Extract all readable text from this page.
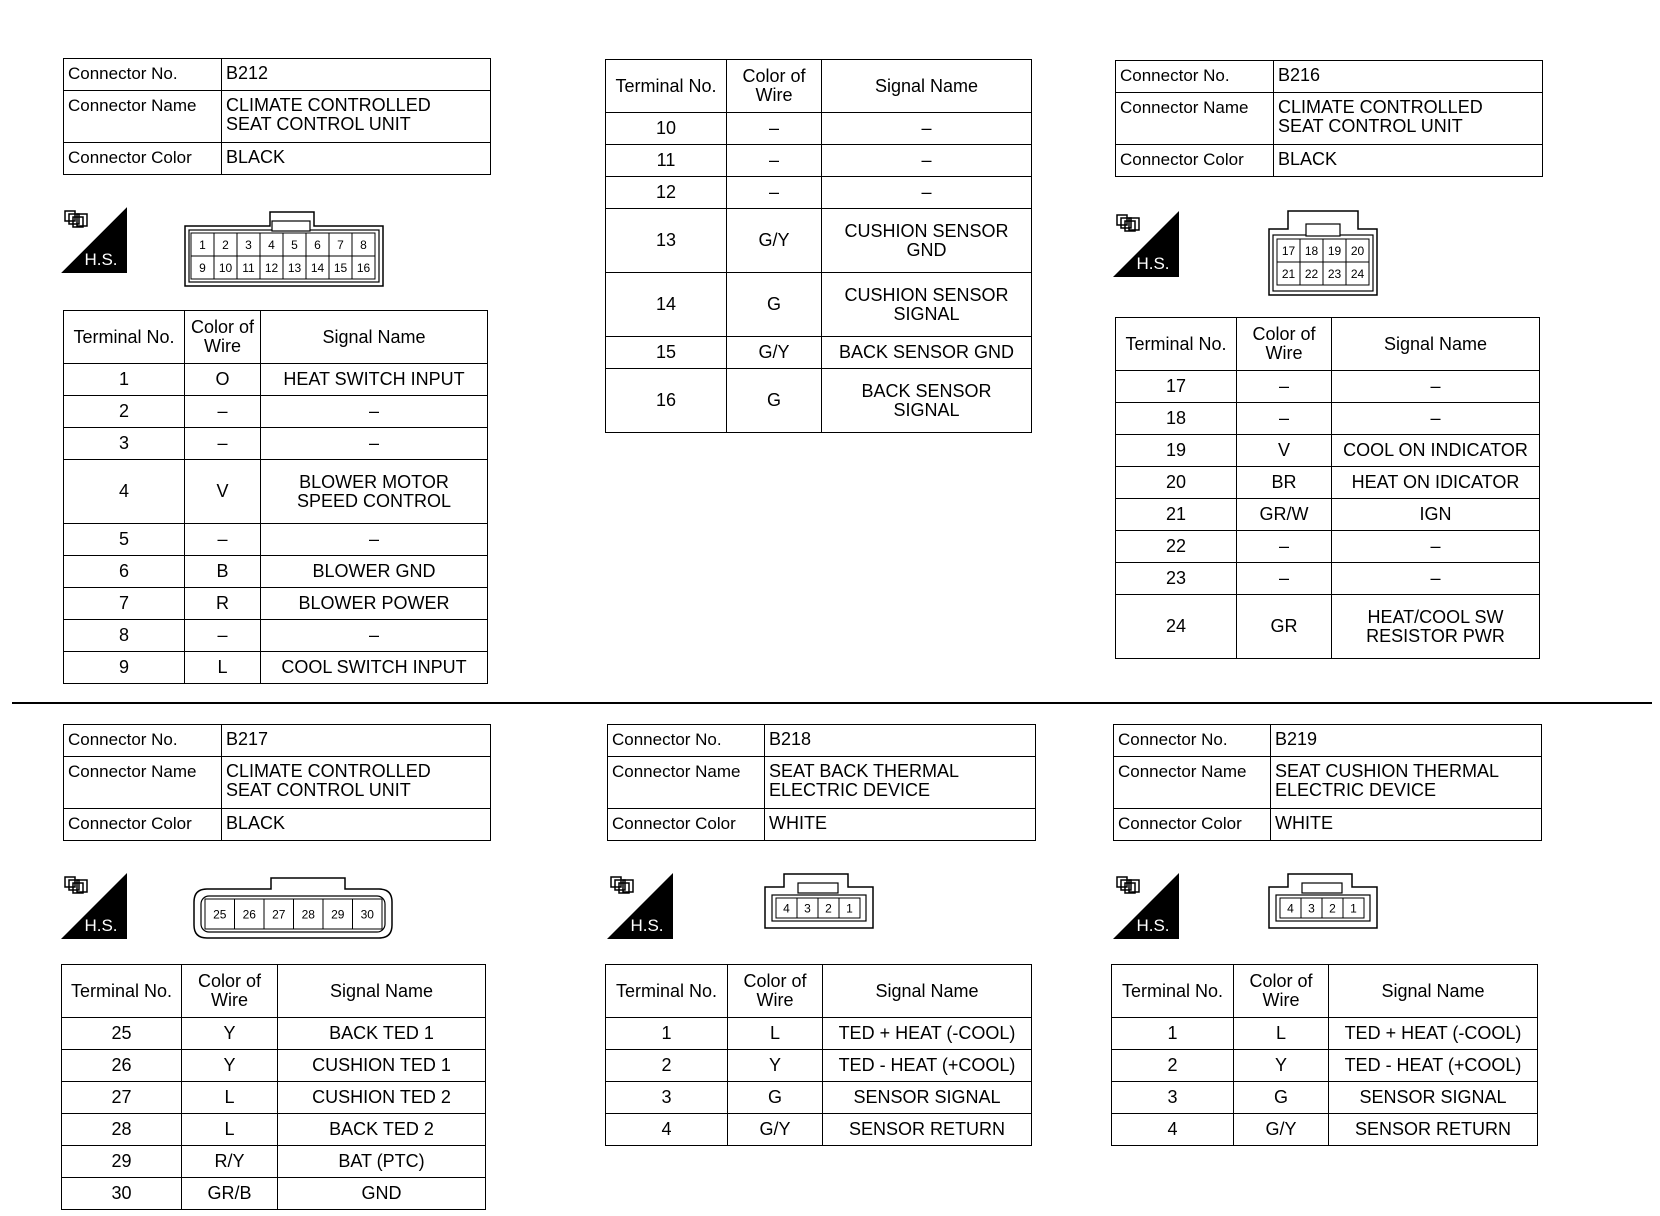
Connector No.	B212
Connector Name	CLIMATE CONTROLLED
SEAT CONTROL UNIT
Connector Color	BLACK
H.S.
1 2 3 4 5 6 7 8
9 10 11 12 13 14 15 16
Terminal No.	Color of
Wire	Signal Name
1	O	HEAT SWITCH INPUT
2	–	–
3	–	–
4	V	BLOWER MOTOR
SPEED CONTROL
5	–	–
6	B	BLOWER GND
7	R	BLOWER POWER
8	–	–
9	L	COOL SWITCH INPUT
Terminal No.	Color of
Wire	Signal Name
10	–	–
11	–	–
12	–	–
13	G/Y	CUSHION SENSOR
GND
14	G	CUSHION SENSOR
SIGNAL
15	G/Y	BACK SENSOR GND
16	G	BACK SENSOR
SIGNAL
Connector No.	B216
Connector Name	CLIMATE CONTROLLED
SEAT CONTROL UNIT
Connector Color	BLACK
H.S.
17 18 19 20
21 22 23 24
Terminal No.	Color of
Wire	Signal Name
17	–	–
18	–	–
19	V	COOL ON INDICATOR
20	BR	HEAT ON IDICATOR
21	GR/W	IGN
22	–	–
23	–	–
24	GR	HEAT/COOL SW
RESISTOR PWR
Connector No.	B217
Connector Name	CLIMATE CONTROLLED
SEAT CONTROL UNIT
Connector Color	BLACK
H.S.
25 26 27 28 29 30
Terminal No.	Color of
Wire	Signal Name
25	Y	BACK TED 1
26	Y	CUSHION TED 1
27	L	CUSHION TED 2
28	L	BACK TED 2
29	R/Y	BAT (PTC)
30	GR/B	GND
Connector No.	B218
Connector Name	SEAT BACK THERMAL
ELECTRIC DEVICE
Connector Color	WHITE
H.S.
4 3 2 1
Terminal No.	Color of
Wire	Signal Name
1	L	TED + HEAT (-COOL)
2	Y	TED - HEAT (+COOL)
3	G	SENSOR SIGNAL
4	G/Y	SENSOR RETURN
Connector No.	B219
Connector Name	SEAT CUSHION THERMAL
ELECTRIC DEVICE
Connector Color	WHITE
H.S.
4 3 2 1
Terminal No.	Color of
Wire	Signal Name
1	L	TED + HEAT (-COOL)
2	Y	TED - HEAT (+COOL)
3	G	SENSOR SIGNAL
4	G/Y	SENSOR RETURN
